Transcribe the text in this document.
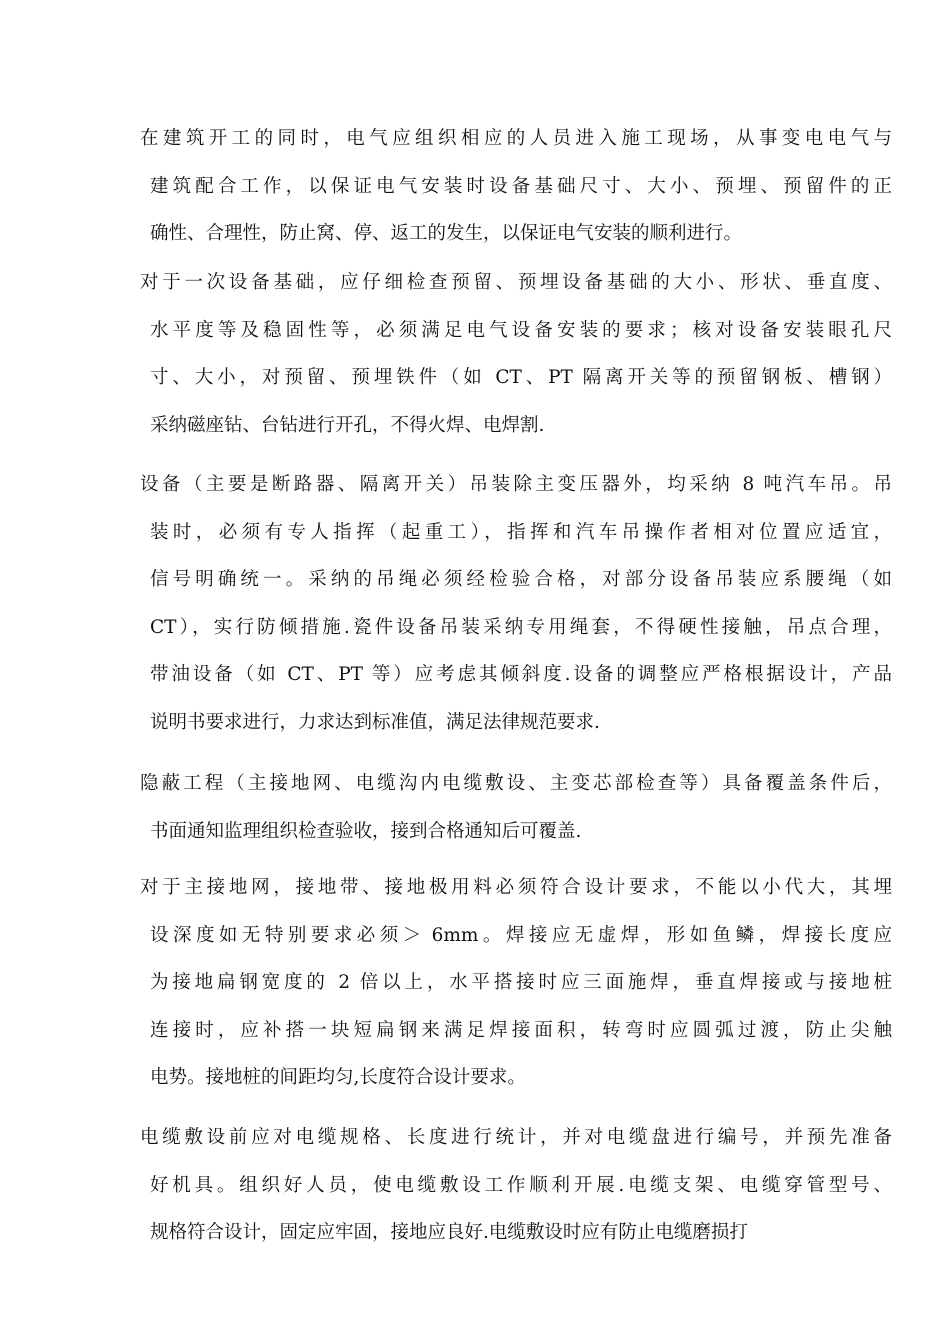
在建筑开工的同时，电气应组织相应的人员进入施工现场，从事变电电气与
建筑配合工作，以保证电气安装时设备基础尺寸、大小、预埋、预留件的正
确性、合理性，防止窝、停、返工的发生，以保证电气安装的顺利进行。
对于一次设备基础，应仔细检查预留、预埋设备基础的大小、形状、垂直度、
水平度等及稳固性等，必须满足电气设备安装的要求；核对设备安装眼孔尺
寸、大小，对预留、预埋铁件（如 CT、PT 隔离开关等的预留钢板、槽钢）
采纳磁座钻、台钻进行开孔，不得火焊、电焊割.
设备（主要是断路器、隔离开关）吊装除主变压器外，均采纳 8 吨汽车吊。吊
装时，必须有专人指挥（起重工），指挥和汽车吊操作者相对位置应适宜，
信号明确统一。采纳的吊绳必须经检验合格，对部分设备吊装应系腰绳（如
CT），实行防倾措施.瓷件设备吊装采纳专用绳套，不得硬性接触，吊点合理，
带油设备（如 CT、PT 等）应考虑其倾斜度.设备的调整应严格根据设计，产品
说明书要求进行，力求达到标准值，满足法律规范要求.
隐蔽工程（主接地网、电缆沟内电缆敷设、主变芯部检查等）具备覆盖条件后，
书面通知监理组织检查验收，接到合格通知后可覆盖.
对于主接地网，接地带、接地极用料必须符合设计要求，不能以小代大，其埋
设深度如无特别要求必须＞ 6mm。焊接应无虚焊，形如鱼鳞，焊接长度应
为接地扁钢宽度的 2 倍以上，水平搭接时应三面施焊，垂直焊接或与接地桩
连接时，应补搭一块短扁钢来满足焊接面积，转弯时应圆弧过渡，防止尖触
电势。接地桩的间距均匀,长度符合设计要求。
电缆敷设前应对电缆规格、长度进行统计，并对电缆盘进行编号，并预先准备
好机具。组织好人员，使电缆敷设工作顺利开展.电缆支架、电缆穿管型号、
规格符合设计，固定应牢固，接地应良好.电缆敷设时应有防止电缆磨损打
